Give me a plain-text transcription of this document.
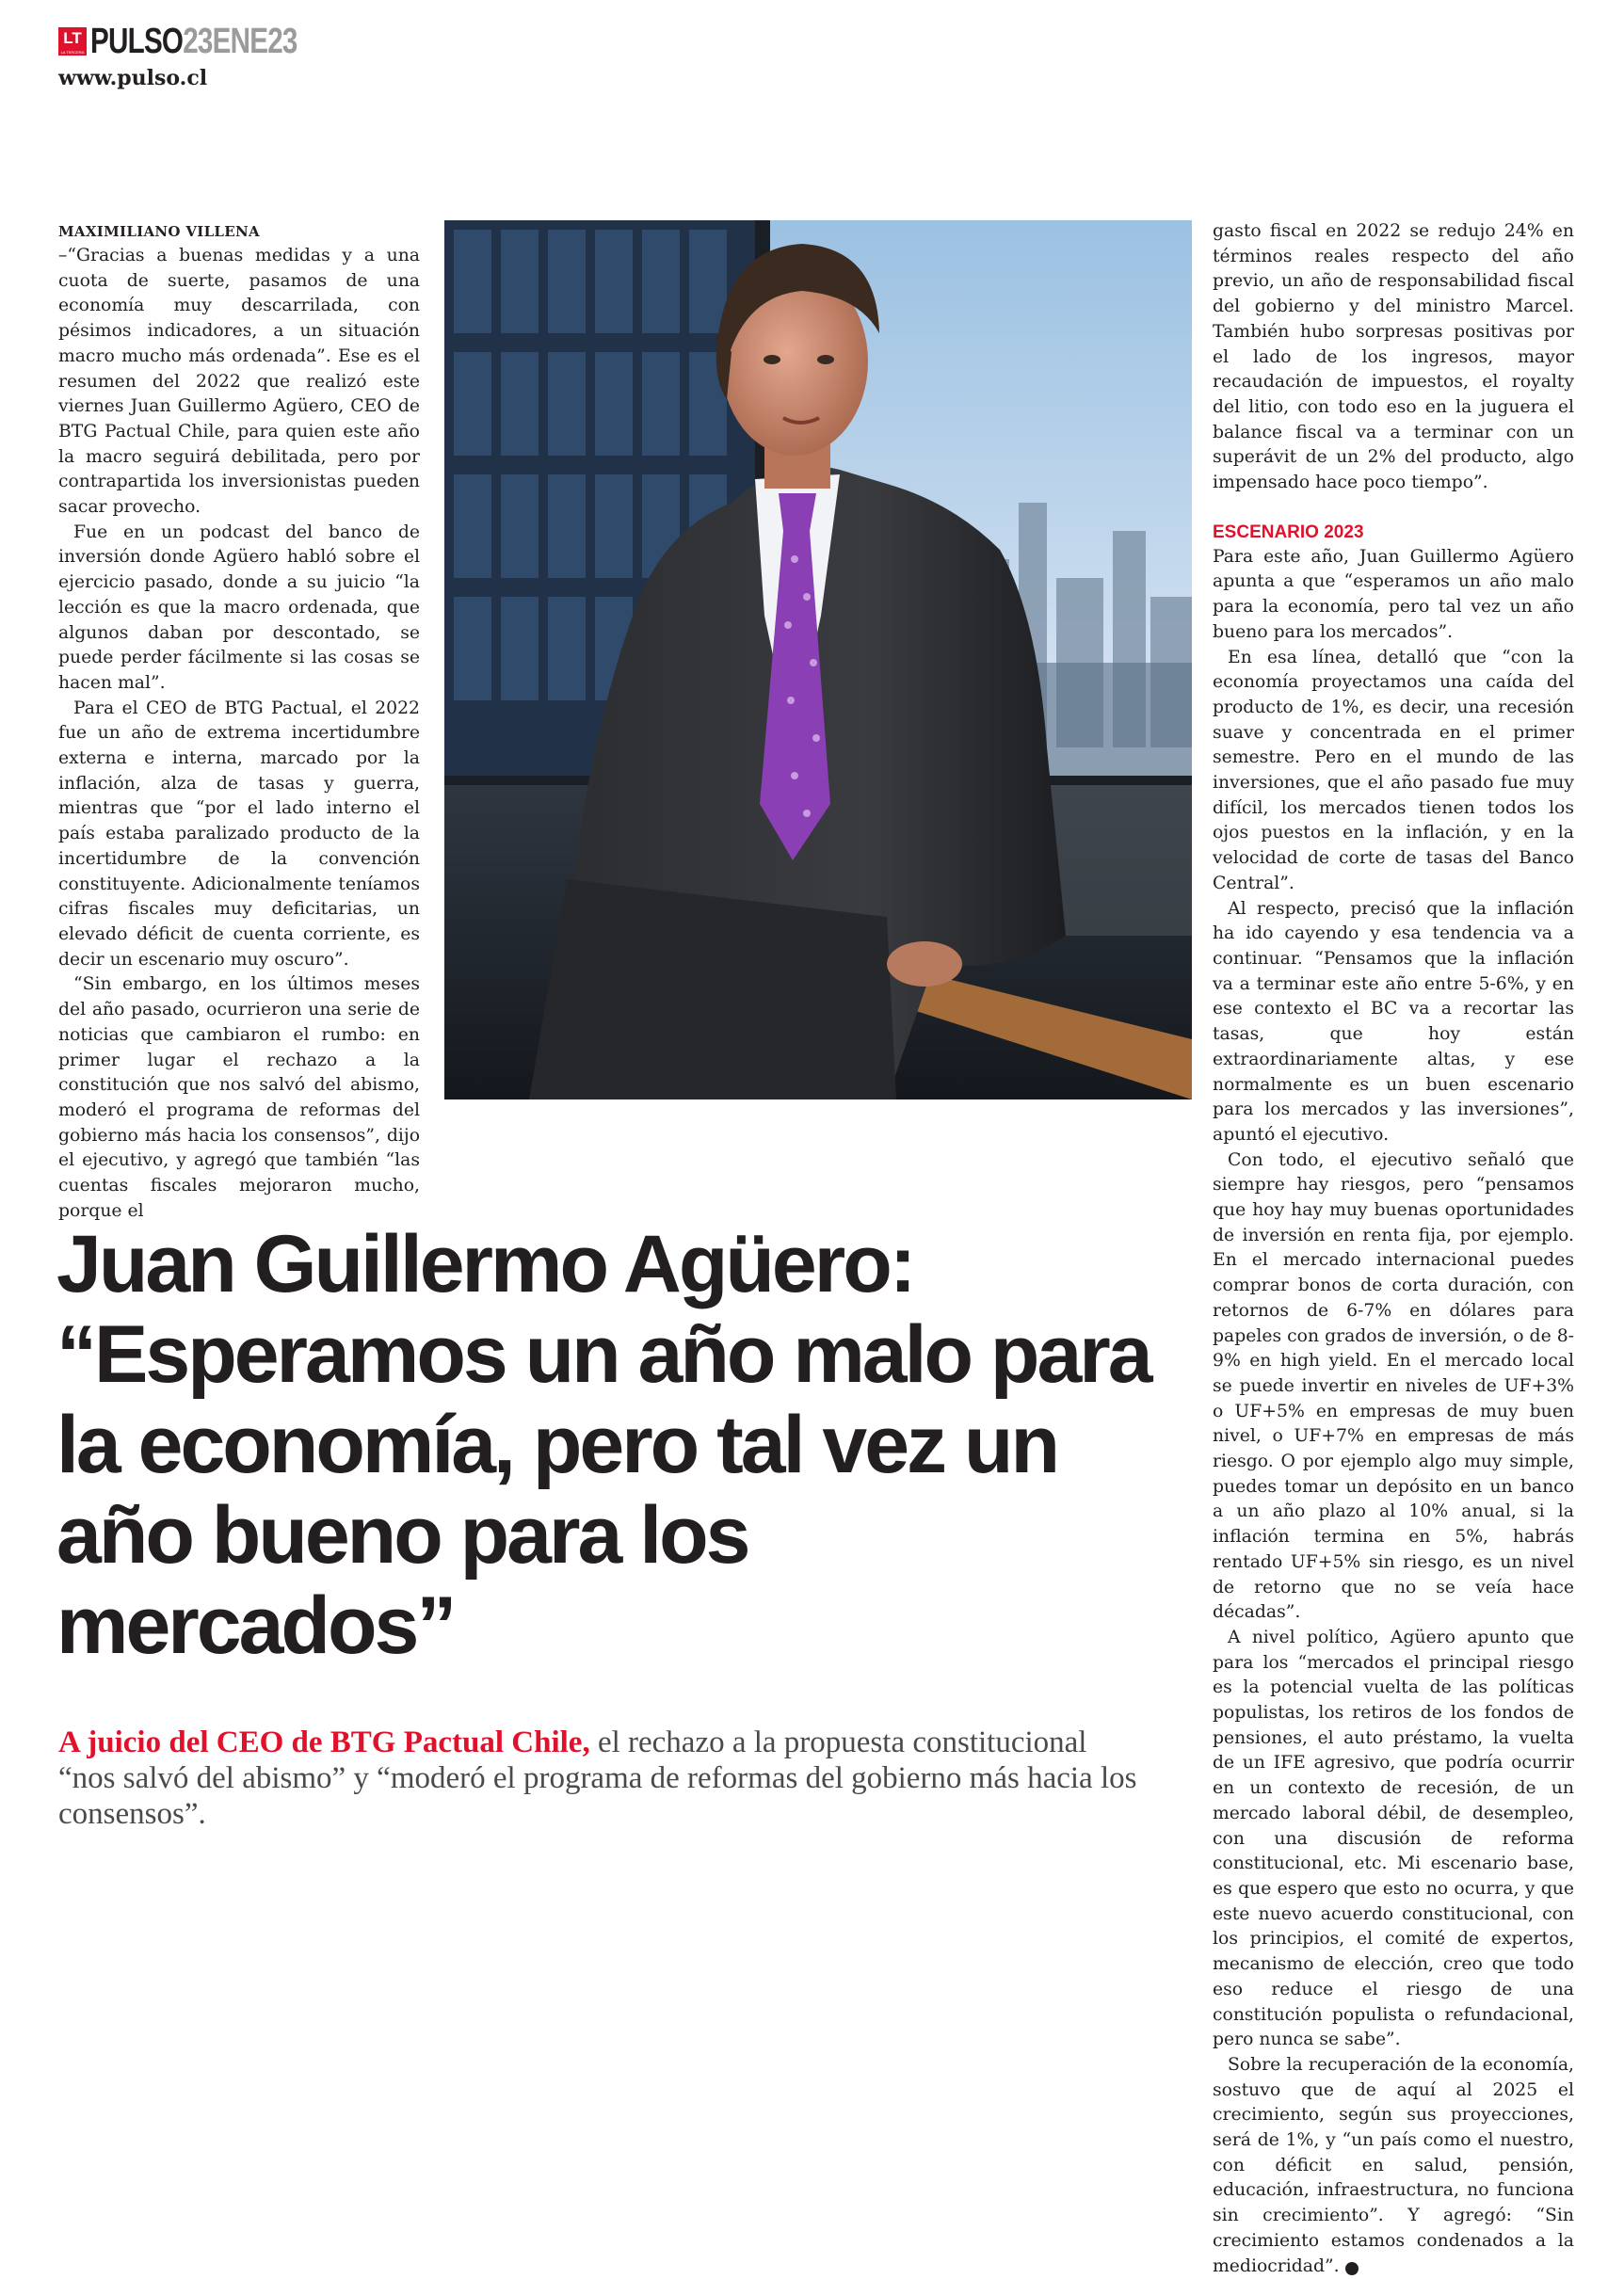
LT
LA TERCERA PULSO23ENE23
www.pulso.cl
MAXIMILIANO VILLENA

–“Gracias a buenas medidas y a una cuota de suerte, pasamos de una economía muy descarrilada, con pésimos indicadores, a un situación macro mucho más ordenada”. Ese es el resumen del 2022 que realizó este viernes Juan Guillermo Agüero, CEO de BTG Pactual Chile, para quien este año la macro seguirá debilitada, pero por contrapartida los inversionistas pueden sacar provecho.

Fue en un podcast del banco de inversión donde Agüero habló sobre el ejercicio pasado, donde a su juicio “la lección es que la macro ordenada, que algunos daban por descontado, se puede perder fácilmente si las cosas se hacen mal”.

Para el CEO de BTG Pactual, el 2022 fue un año de extrema incertidumbre externa e interna, marcado por la inflación, alza de tasas y guerra, mientras que “por el lado interno el país estaba paralizado producto de la incertidumbre de la convención constituyente. Adicionalmente teníamos cifras fiscales muy deficitarias, un elevado déficit de cuenta corriente, es decir un escenario muy oscuro”.

“Sin embargo, en los últimos meses del año pasado, ocurrieron una serie de noticias que cambiaron el rumbo: en primer lugar el rechazo a la constitución que nos salvó del abismo, moderó el programa de reformas del gobierno más hacia los consensos”, dijo el ejecutivo, y agregó que también “las cuentas fiscales mejoraron mucho, porque el

gasto fiscal en 2022 se redujo 24% en términos reales respecto del año previo, un año de responsabilidad fiscal del gobierno y del ministro Marcel. También hubo sorpresas positivas por el lado de los ingresos, mayor recaudación de impuestos, el royalty del litio, con todo eso en la juguera el balance fiscal va a terminar con un superávit de un 2% del producto, algo impensado hace poco tiempo”.

ESCENARIO 2023

Para este año, Juan Guillermo Agüero apunta a que “esperamos un año malo para la economía, pero tal vez un año bueno para los mercados”.

En esa línea, detalló que “con la economía proyectamos una caída del producto de 1%, es decir, una recesión suave y concentrada en el primer semestre. Pero en el mundo de las inversiones, que el año pasado fue muy difícil, los mercados tienen todos los ojos puestos en la inflación, y en la velocidad de corte de tasas del Banco Central”.

Al respecto, precisó que la inflación ha ido cayendo y esa tendencia va a continuar. “Pensamos que la inflación va a terminar este año entre 5-6%, y en ese contexto el BC va a recortar las tasas, que hoy están extraordinariamente altas, y ese normalmente es un buen escenario para los mercados y las inversiones”, apuntó el ejecutivo.

Con todo, el ejecutivo señaló que siempre hay riesgos, pero “pensamos que hoy hay muy buenas oportunidades de inversión en renta fija, por ejemplo. En el mercado internacional puedes comprar bonos de corta duración, con retornos de 6-7% en dólares para papeles con grados de inversión, o de 8-9% en high yield. En el mercado local se puede invertir en niveles de UF+3% o UF+5% en empresas de muy buen nivel, o UF+7% en empresas de más riesgo. O por ejemplo algo muy simple, puedes tomar un depósito en un banco a un año plazo al 10% anual, si la inflación termina en 5%, habrás rentado UF+5% sin riesgo, es un nivel de retorno que no se veía hace décadas”.

A nivel político, Agüero apunto que para los “mercados el principal riesgo es la potencial vuelta de las políticas populistas, los retiros de los fondos de pensiones, el auto préstamo, la vuelta de un IFE agresivo, que podría ocurrir en un contexto de recesión, de un mercado laboral débil, de desempleo, con una discusión de reforma constitucional, etc. Mi escenario base, es que espero que esto no ocurra, y que este nuevo acuerdo constitucional, con los principios, el comité de expertos, mecanismo de elección, creo que todo eso reduce el riesgo de una constitución populista o refundacional, pero nunca se sabe”.

Sobre la recuperación de la economía, sostuvo que de aquí al 2025 el crecimiento, según sus proyecciones, será de 1%, y “un país como el nuestro, con déficit en salud, pensión, educación, infraestructura, no funciona sin crecimiento”. Y agregó: “Sin crecimiento estamos condenados a la mediocridad”. P

Juan Guillermo Agüero: “Esperamos un año malo para la economía, pero tal vez un año bueno para los mercados”
A juicio del CEO de BTG Pactual Chile, el rechazo a la propuesta constitucional “nos salvó del abismo” y “moderó el programa de reformas del gobierno más hacia los consensos”.
